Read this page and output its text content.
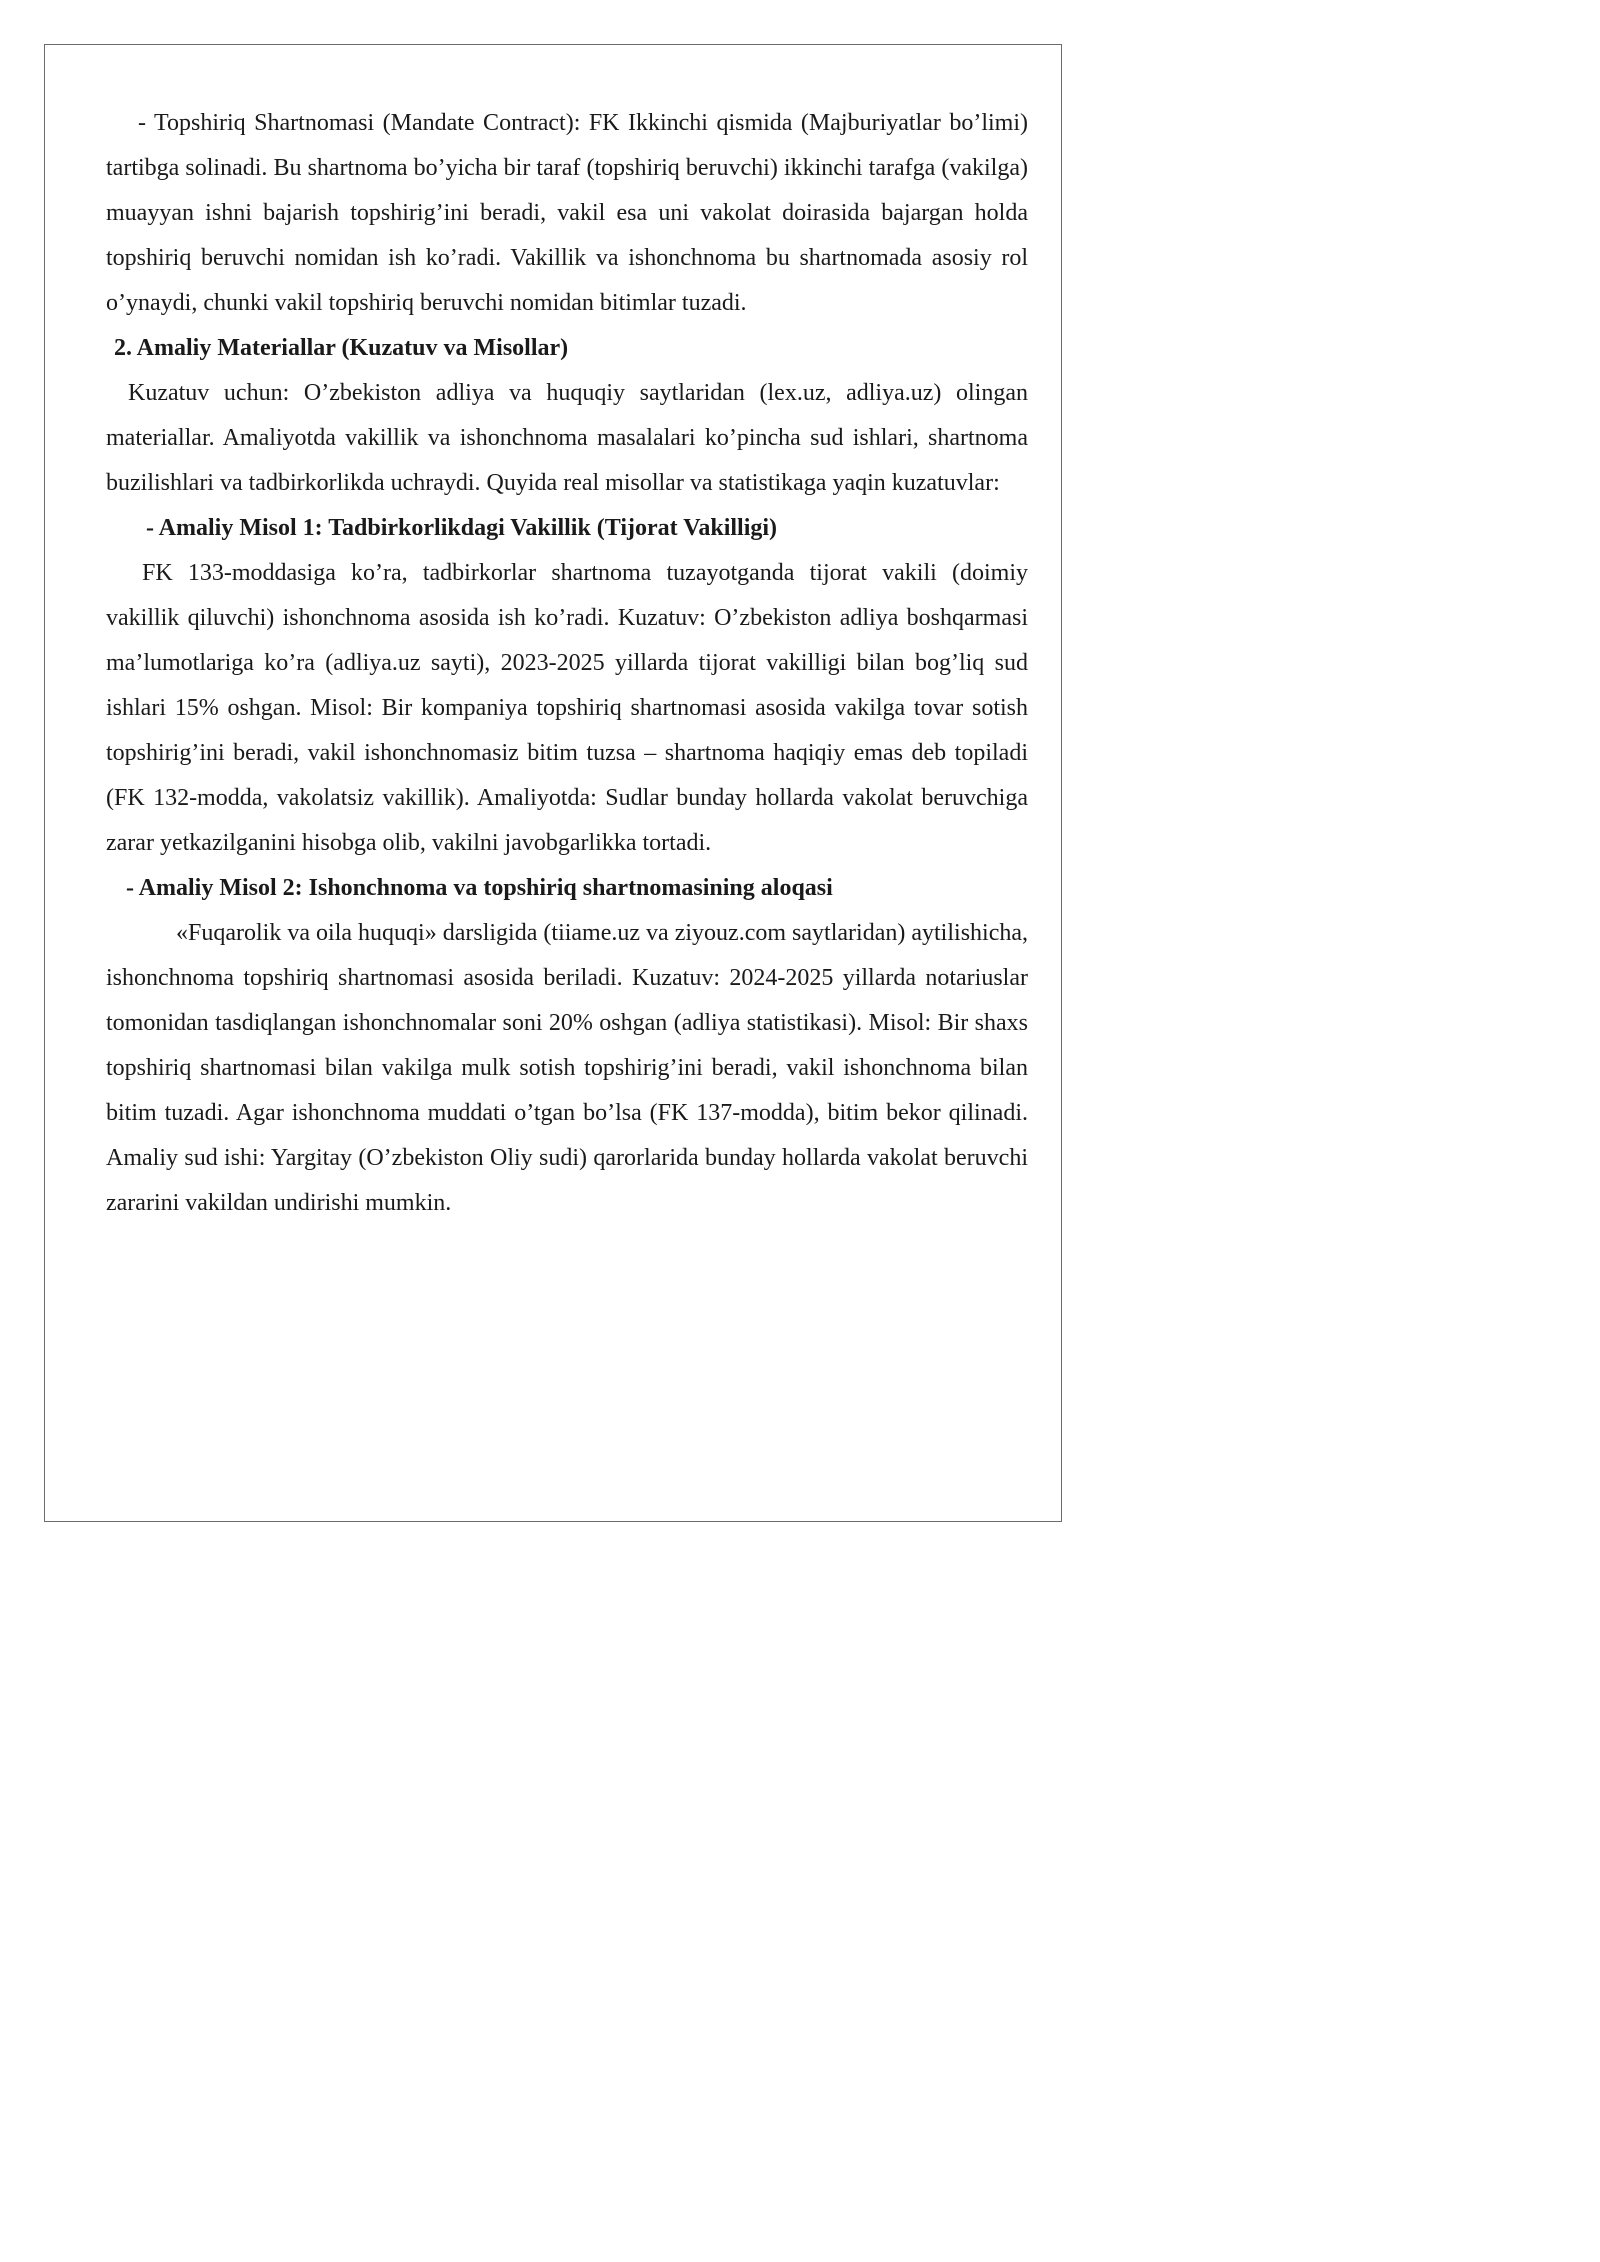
- Topshiriq Shartnomasi (Mandate Contract): FK Ikkinchi qismida (Majburiyatlar bo’limi) tartibga solinadi. Bu shartnoma bo’yicha bir taraf (topshiriq beruvchi) ikkinchi tarafga (vakilga) muayyan ishni bajarish topshirig’ini beradi, vakil esa uni vakolat doirasida bajargan holda topshiriq beruvchi nomidan ish ko’radi. Vakillik va ishonchnoma bu shartnomada asosiy rol o’ynaydi, chunki vakil topshiriq beruvchi nomidan bitimlar tuzadi.

2. Amaliy Materiallar (Kuzatuv va Misollar)

Kuzatuv uchun: O’zbekiston adliya va huquqiy saytlaridan (lex.uz, adliya.uz) olingan materiallar. Amaliyotda vakillik va ishonchnoma masalalari ko’pincha sud ishlari, shartnoma buzilishlari va tadbirkorlikda uchraydi. Quyida real misollar va statistikaga yaqin kuzatuvlar:

- Amaliy Misol 1: Tadbirkorlikdagi Vakillik (Tijorat Vakilligi)

FK 133-moddasiga ko’ra, tadbirkorlar shartnoma tuzayotganda tijorat vakili (doimiy vakillik qiluvchi) ishonchnoma asosida ish ko’radi. Kuzatuv: O’zbekiston adliya boshqarmasi ma’lumotlariga ko’ra (adliya.uz sayti), 2023-2025 yillarda tijorat vakilligi bilan bog’liq sud ishlari 15% oshgan. Misol: Bir kompaniya topshiriq shartnomasi asosida vakilga tovar sotish topshirig’ini beradi, vakil ishonchnomasiz bitim tuzsa – shartnoma haqiqiy emas deb topiladi (FK 132-modda, vakolatsiz vakillik). Amaliyotda: Sudlar bunday hollarda vakolat beruvchiga zarar yetkazilganini hisobga olib, vakilni javobgarlikka tortadi.

- Amaliy Misol 2: Ishonchnoma va topshiriq shartnomasining aloqasi

«Fuqarolik va oila huquqi» darsligida (tiiame.uz va ziyouz.com saytlaridan) aytilishicha, ishonchnoma topshiriq shartnomasi asosida beriladi. Kuzatuv: 2024-2025 yillarda notariuslar tomonidan tasdiqlangan ishonchnomalar soni 20% oshgan (adliya statistikasi). Misol: Bir shaxs topshiriq shartnomasi bilan vakilga mulk sotish topshirig’ini beradi, vakil ishonchnoma bilan bitim tuzadi. Agar ishonchnoma muddati o’tgan bo’lsa (FK 137-modda), bitim bekor qilinadi. Amaliy sud ishi: Yargitay (O’zbekiston Oliy sudi) qarorlarida bunday hollarda vakolat beruvchi zararini vakildan undirishi mumkin.
